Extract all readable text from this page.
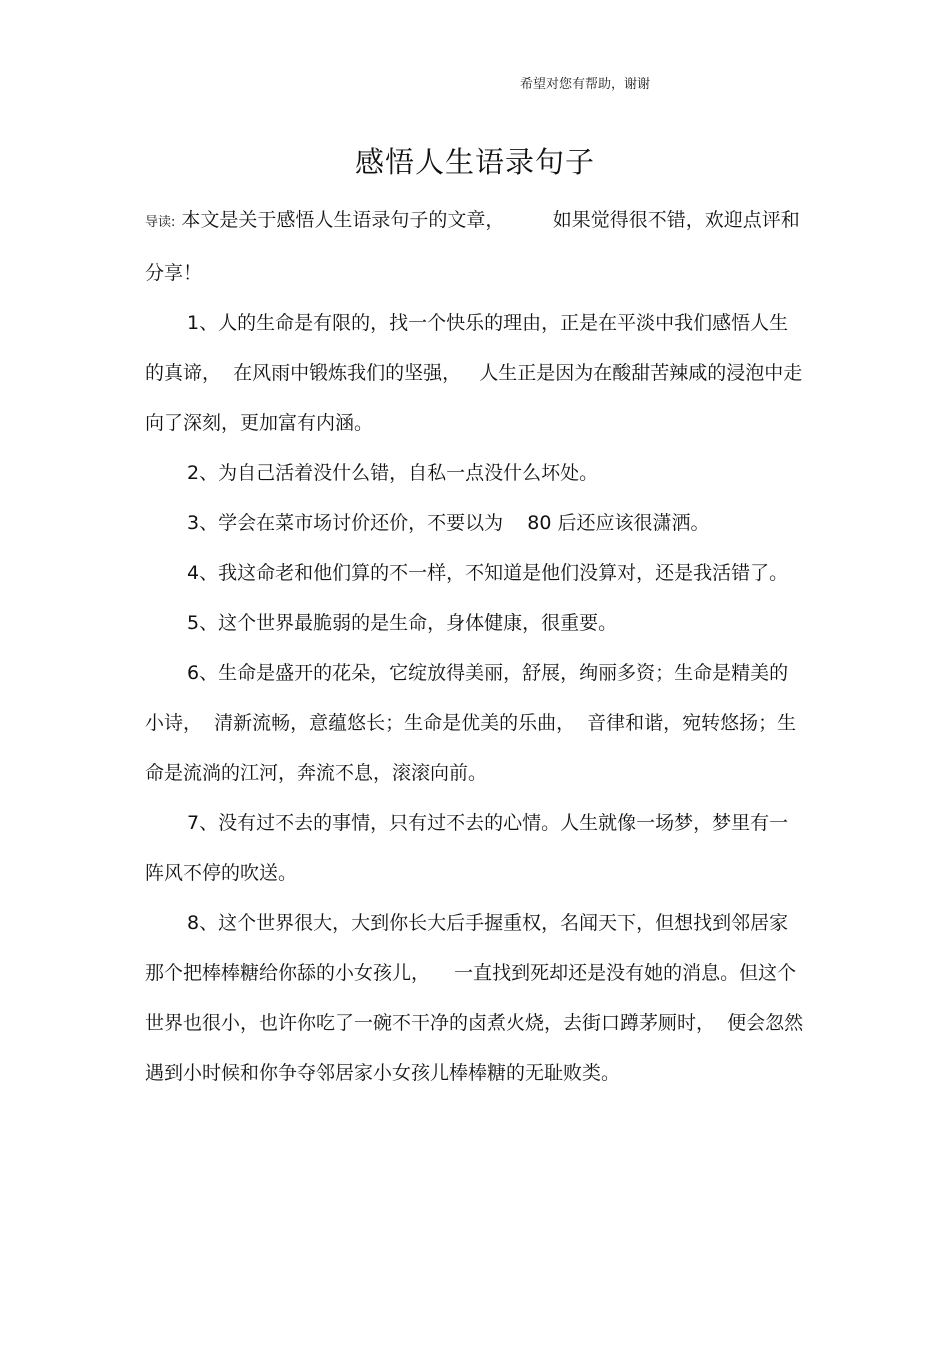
希望对您有帮助，谢谢
感悟人生语录句子

导读: 本文是关于感悟人生语录句子的文章，        如果觉得很不错，欢迎点评和分享！

1、人的生命是有限的，找一个快乐的理由，正是在平淡中我们感悟人生的真谛，  在风雨中锻炼我们的坚强，   人生正是因为在酸甜苦辣咸的浸泡中走向了深刻，更加富有内涵。

2、为自己活着没什么错，自私一点没什么坏处。

3、学会在菜市场讨价还价，不要以为    80 后还应该很潇洒。

4、我这命老和他们算的不一样，不知道是他们没算对，还是我活错了。

5、这个世界最脆弱的是生命，身体健康，很重要。

6、生命是盛开的花朵，它绽放得美丽，舒展，绚丽多资；生命是精美的小诗，  清新流畅，意蕴悠长；生命是优美的乐曲，  音律和谐，宛转悠扬；生命是流淌的江河，奔流不息，滚滚向前。

7、没有过不去的事情，只有过不去的心情。人生就像一场梦，梦里有一阵风不停的吹送。

8、这个世界很大，大到你长大后手握重权，名闻天下，但想找到邻居家那个把棒棒糖给你舔的小女孩儿，    一直找到死却还是没有她的消息。但这个世界也很小，也许你吃了一碗不干净的卤煮火烧，去街口蹲茅厕时，  便会忽然遇到小时候和你争夺邻居家小女孩儿棒棒糖的无耻败类。
